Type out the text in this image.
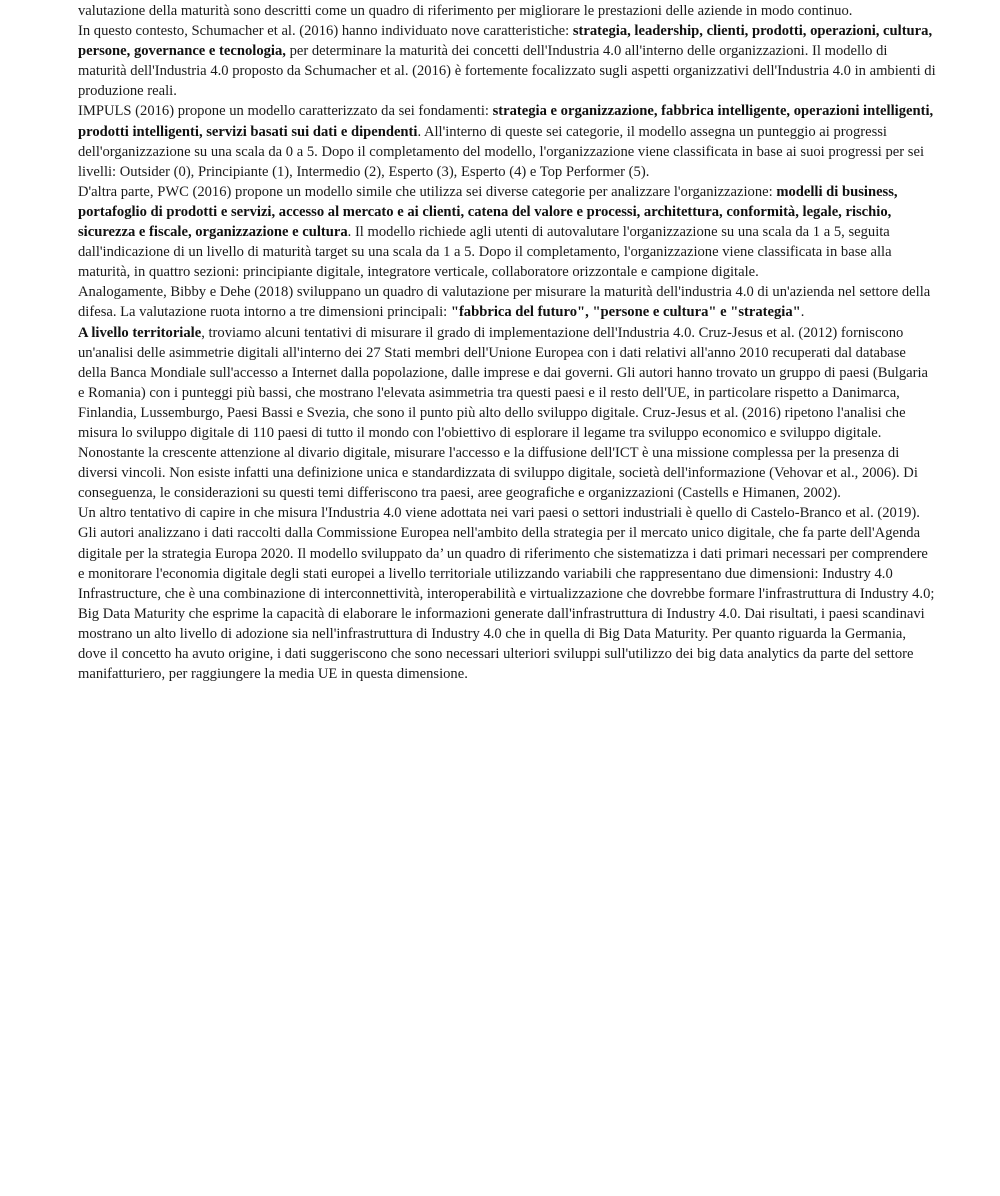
valutazione della maturità sono descritti come un quadro di riferimento per migliorare le prestazioni delle aziende in modo continuo.

In questo contesto, Schumacher et al. (2016) hanno individuato nove caratteristiche: strategia, leadership, clienti, prodotti, operazioni, cultura, persone, governance e tecnologia, per determinare la maturità dei concetti dell'Industria 4.0 all'interno delle organizzazioni. Il modello di maturità dell'Industria 4.0 proposto da Schumacher et al. (2016) è fortemente focalizzato sugli aspetti organizzativi dell'Industria 4.0 in ambienti di produzione reali.

IMPULS (2016) propone un modello caratterizzato da sei fondamenti: strategia e organizzazione, fabbrica intelligente, operazioni intelligenti, prodotti intelligenti, servizi basati sui dati e dipendenti. All'interno di queste sei categorie, il modello assegna un punteggio ai progressi dell'organizzazione su una scala da 0 a 5. Dopo il completamento del modello, l'organizzazione viene classificata in base ai suoi progressi per sei livelli: Outsider (0), Principiante (1), Intermedio (2), Esperto (3), Esperto (4) e Top Performer (5).

D'altra parte, PWC (2016) propone un modello simile che utilizza sei diverse categorie per analizzare l'organizzazione: modelli di business, portafoglio di prodotti e servizi, accesso al mercato e ai clienti, catena del valore e processi, architettura, conformità, legale, rischio, sicurezza e fiscale, organizzazione e cultura. Il modello richiede agli utenti di autovalutare l'organizzazione su una scala da 1 a 5, seguita dall'indicazione di un livello di maturità target su una scala da 1 a 5. Dopo il completamento, l'organizzazione viene classificata in base alla maturità, in quattro sezioni: principiante digitale, integratore verticale, collaboratore orizzontale e campione digitale.

Analogamente, Bibby e Dehe (2018) sviluppano un quadro di valutazione per misurare la maturità dell'industria 4.0 di un'azienda nel settore della difesa. La valutazione ruota intorno a tre dimensioni principali: "fabbrica del futuro", "persone e cultura" e "strategia".

A livello territoriale, troviamo alcuni tentativi di misurare il grado di implementazione dell'Industria 4.0. Cruz-Jesus et al. (2012) forniscono un'analisi delle asimmetrie digitali all'interno dei 27 Stati membri dell'Unione Europea con i dati relativi all'anno 2010 recuperati dal database della Banca Mondiale sull'accesso a Internet dalla popolazione, dalle imprese e dai governi. Gli autori hanno trovato un gruppo di paesi (Bulgaria e Romania) con i punteggi più bassi, che mostrano l'elevata asimmetria tra questi paesi e il resto dell'UE, in particolare rispetto a Danimarca, Finlandia, Lussemburgo, Paesi Bassi e Svezia, che sono il punto più alto dello sviluppo digitale. Cruz-Jesus et al. (2016) ripetono l'analisi che misura lo sviluppo digitale di 110 paesi di tutto il mondo con l'obiettivo di esplorare il legame tra sviluppo economico e sviluppo digitale. Nonostante la crescente attenzione al divario digitale, misurare l'accesso e la diffusione dell'ICT è una missione complessa per la presenza di diversi vincoli. Non esiste infatti una definizione unica e standardizzata di sviluppo digitale, società dell'informazione (Vehovar et al., 2006). Di conseguenza, le considerazioni su questi temi differiscono tra paesi, aree geografiche e organizzazioni (Castells e Himanen, 2002).

Un altro tentativo di capire in che misura l'Industria 4.0 viene adottata nei vari paesi o settori industriali è quello di Castelo-Branco et al. (2019). Gli autori analizzano i dati raccolti dalla Commissione Europea nell'ambito della strategia per il mercato unico digitale, che fa parte dell'Agenda digitale per la strategia Europa 2020. Il modello sviluppato da’ un quadro di riferimento che sistematizza i dati primari necessari per comprendere e monitorare l'economia digitale degli stati europei a livello territoriale utilizzando variabili che rappresentano due dimensioni: Industry 4.0 Infrastructure, che è una combinazione di interconnettività, interoperabilità e virtualizzazione che dovrebbe formare l'infrastruttura di Industry 4.0; Big Data Maturity che esprime la capacità di elaborare le informazioni generate dall'infrastruttura di Industry 4.0. Dai risultati, i paesi scandinavi mostrano un alto livello di adozione sia nell'infrastruttura di Industry 4.0 che in quella di Big Data Maturity. Per quanto riguarda la Germania, dove il concetto ha avuto origine, i dati suggeriscono che sono necessari ulteriori sviluppi sull'utilizzo dei big data analytics da parte del settore manifatturiero, per raggiungere la media UE in questa dimensione.
